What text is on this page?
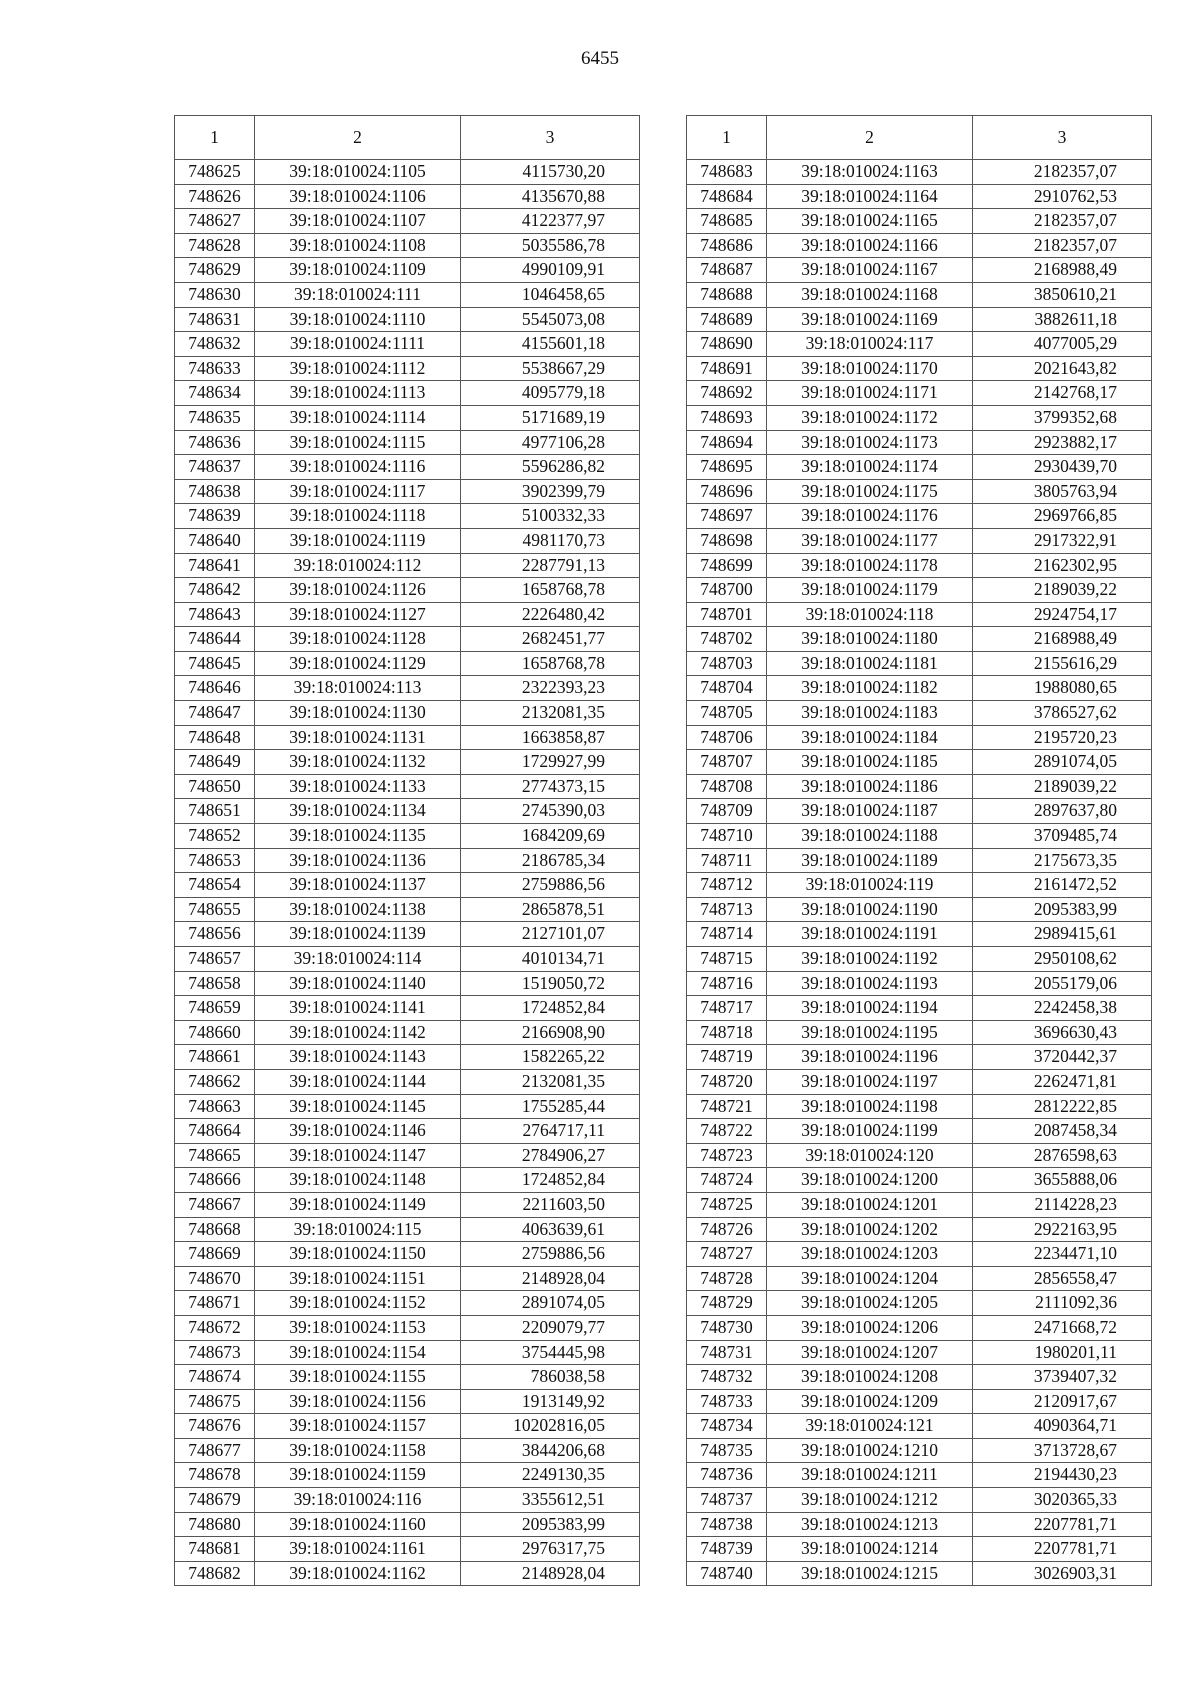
6455
1	2	3
748625	39:18:010024:1105	4115730,20
748626	39:18:010024:1106	4135670,88
748627	39:18:010024:1107	4122377,97
748628	39:18:010024:1108	5035586,78
748629	39:18:010024:1109	4990109,91
748630	39:18:010024:111	1046458,65
748631	39:18:010024:1110	5545073,08
748632	39:18:010024:1111	4155601,18
748633	39:18:010024:1112	5538667,29
748634	39:18:010024:1113	4095779,18
748635	39:18:010024:1114	5171689,19
748636	39:18:010024:1115	4977106,28
748637	39:18:010024:1116	5596286,82
748638	39:18:010024:1117	3902399,79
748639	39:18:010024:1118	5100332,33
748640	39:18:010024:1119	4981170,73
748641	39:18:010024:112	2287791,13
748642	39:18:010024:1126	1658768,78
748643	39:18:010024:1127	2226480,42
748644	39:18:010024:1128	2682451,77
748645	39:18:010024:1129	1658768,78
748646	39:18:010024:113	2322393,23
748647	39:18:010024:1130	2132081,35
748648	39:18:010024:1131	1663858,87
748649	39:18:010024:1132	1729927,99
748650	39:18:010024:1133	2774373,15
748651	39:18:010024:1134	2745390,03
748652	39:18:010024:1135	1684209,69
748653	39:18:010024:1136	2186785,34
748654	39:18:010024:1137	2759886,56
748655	39:18:010024:1138	2865878,51
748656	39:18:010024:1139	2127101,07
748657	39:18:010024:114	4010134,71
748658	39:18:010024:1140	1519050,72
748659	39:18:010024:1141	1724852,84
748660	39:18:010024:1142	2166908,90
748661	39:18:010024:1143	1582265,22
748662	39:18:010024:1144	2132081,35
748663	39:18:010024:1145	1755285,44
748664	39:18:010024:1146	2764717,11
748665	39:18:010024:1147	2784906,27
748666	39:18:010024:1148	1724852,84
748667	39:18:010024:1149	2211603,50
748668	39:18:010024:115	4063639,61
748669	39:18:010024:1150	2759886,56
748670	39:18:010024:1151	2148928,04
748671	39:18:010024:1152	2891074,05
748672	39:18:010024:1153	2209079,77
748673	39:18:010024:1154	3754445,98
748674	39:18:010024:1155	786038,58
748675	39:18:010024:1156	1913149,92
748676	39:18:010024:1157	10202816,05
748677	39:18:010024:1158	3844206,68
748678	39:18:010024:1159	2249130,35
748679	39:18:010024:116	3355612,51
748680	39:18:010024:1160	2095383,99
748681	39:18:010024:1161	2976317,75
748682	39:18:010024:1162	2148928,04
1	2	3
748683	39:18:010024:1163	2182357,07
748684	39:18:010024:1164	2910762,53
748685	39:18:010024:1165	2182357,07
748686	39:18:010024:1166	2182357,07
748687	39:18:010024:1167	2168988,49
748688	39:18:010024:1168	3850610,21
748689	39:18:010024:1169	3882611,18
748690	39:18:010024:117	4077005,29
748691	39:18:010024:1170	2021643,82
748692	39:18:010024:1171	2142768,17
748693	39:18:010024:1172	3799352,68
748694	39:18:010024:1173	2923882,17
748695	39:18:010024:1174	2930439,70
748696	39:18:010024:1175	3805763,94
748697	39:18:010024:1176	2969766,85
748698	39:18:010024:1177	2917322,91
748699	39:18:010024:1178	2162302,95
748700	39:18:010024:1179	2189039,22
748701	39:18:010024:118	2924754,17
748702	39:18:010024:1180	2168988,49
748703	39:18:010024:1181	2155616,29
748704	39:18:010024:1182	1988080,65
748705	39:18:010024:1183	3786527,62
748706	39:18:010024:1184	2195720,23
748707	39:18:010024:1185	2891074,05
748708	39:18:010024:1186	2189039,22
748709	39:18:010024:1187	2897637,80
748710	39:18:010024:1188	3709485,74
748711	39:18:010024:1189	2175673,35
748712	39:18:010024:119	2161472,52
748713	39:18:010024:1190	2095383,99
748714	39:18:010024:1191	2989415,61
748715	39:18:010024:1192	2950108,62
748716	39:18:010024:1193	2055179,06
748717	39:18:010024:1194	2242458,38
748718	39:18:010024:1195	3696630,43
748719	39:18:010024:1196	3720442,37
748720	39:18:010024:1197	2262471,81
748721	39:18:010024:1198	2812222,85
748722	39:18:010024:1199	2087458,34
748723	39:18:010024:120	2876598,63
748724	39:18:010024:1200	3655888,06
748725	39:18:010024:1201	2114228,23
748726	39:18:010024:1202	2922163,95
748727	39:18:010024:1203	2234471,10
748728	39:18:010024:1204	2856558,47
748729	39:18:010024:1205	2111092,36
748730	39:18:010024:1206	2471668,72
748731	39:18:010024:1207	1980201,11
748732	39:18:010024:1208	3739407,32
748733	39:18:010024:1209	2120917,67
748734	39:18:010024:121	4090364,71
748735	39:18:010024:1210	3713728,67
748736	39:18:010024:1211	2194430,23
748737	39:18:010024:1212	3020365,33
748738	39:18:010024:1213	2207781,71
748739	39:18:010024:1214	2207781,71
748740	39:18:010024:1215	3026903,31
